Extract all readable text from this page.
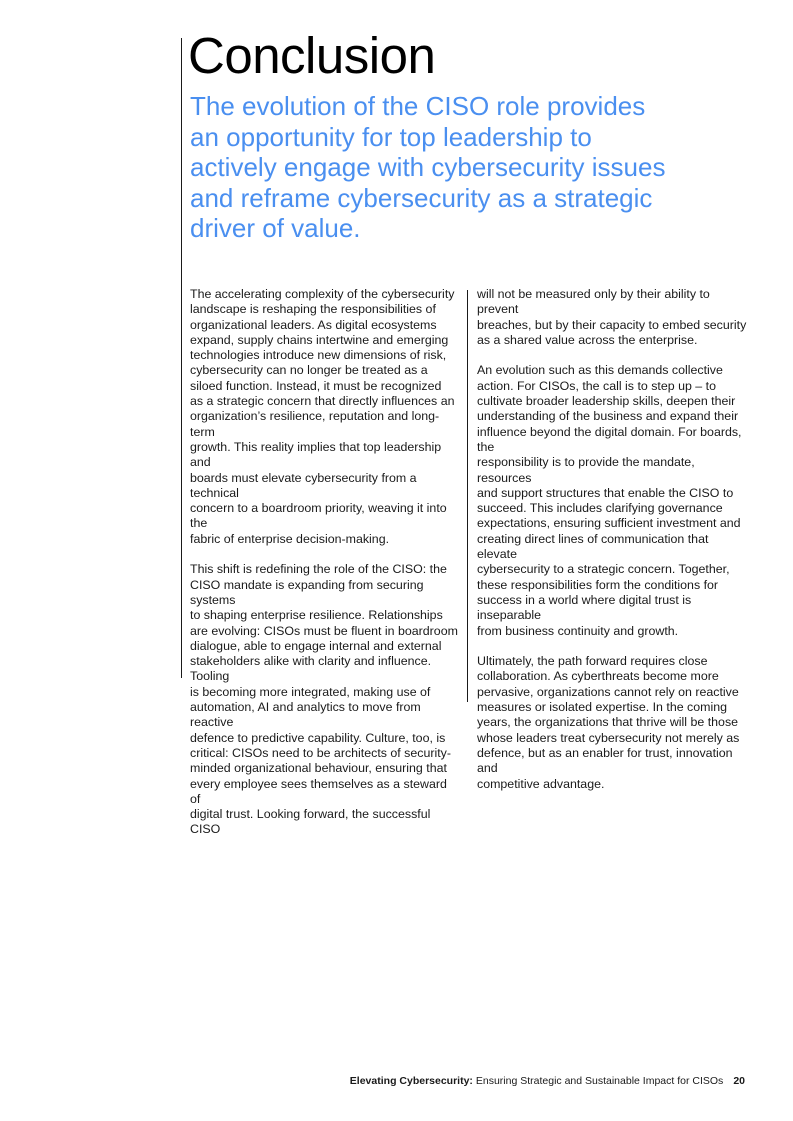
Conclusion

The evolution of the CISO role provides
an opportunity for top leadership to
actively engage with cybersecurity issues
and reframe cybersecurity as a strategic
driver of value.

The accelerating complexity of the cybersecurity
landscape is reshaping the responsibilities of
organizational leaders. As digital ecosystems
expand, supply chains intertwine and emerging
technologies introduce new dimensions of risk,
cybersecurity can no longer be treated as a
siloed function. Instead, it must be recognized
as a strategic concern that directly influences an
organization’s resilience, reputation and long-term
growth. This reality implies that top leadership and
boards must elevate cybersecurity from a technical
concern to a boardroom priority, weaving it into the
fabric of enterprise decision-making.

This shift is redefining the role of the CISO: the
CISO mandate is expanding from securing systems
to shaping enterprise resilience. Relationships
are evolving: CISOs must be fluent in boardroom
dialogue, able to engage internal and external
stakeholders alike with clarity and influence. Tooling
is becoming more integrated, making use of
automation, AI and analytics to move from reactive
defence to predictive capability. Culture, too, is
critical: CISOs need to be architects of security-
minded organizational behaviour, ensuring that
every employee sees themselves as a steward of
digital trust. Looking forward, the successful CISO

will not be measured only by their ability to prevent
breaches, but by their capacity to embed security
as a shared value across the enterprise.

An evolution such as this demands collective
action. For CISOs, the call is to step up – to
cultivate broader leadership skills, deepen their
understanding of the business and expand their
influence beyond the digital domain. For boards, the
responsibility is to provide the mandate, resources
and support structures that enable the CISO to
succeed. This includes clarifying governance
expectations, ensuring sufficient investment and
creating direct lines of communication that elevate
cybersecurity to a strategic concern. Together,
these responsibilities form the conditions for
success in a world where digital trust is inseparable
from business continuity and growth.

Ultimately, the path forward requires close
collaboration. As cyberthreats become more
pervasive, organizations cannot rely on reactive
measures or isolated expertise. In the coming
years, the organizations that thrive will be those
whose leaders treat cybersecurity not merely as
defence, but as an enabler for trust, innovation and
competitive advantage.

Elevating Cybersecurity: Ensuring Strategic and Sustainable Impact for CISOs 20
